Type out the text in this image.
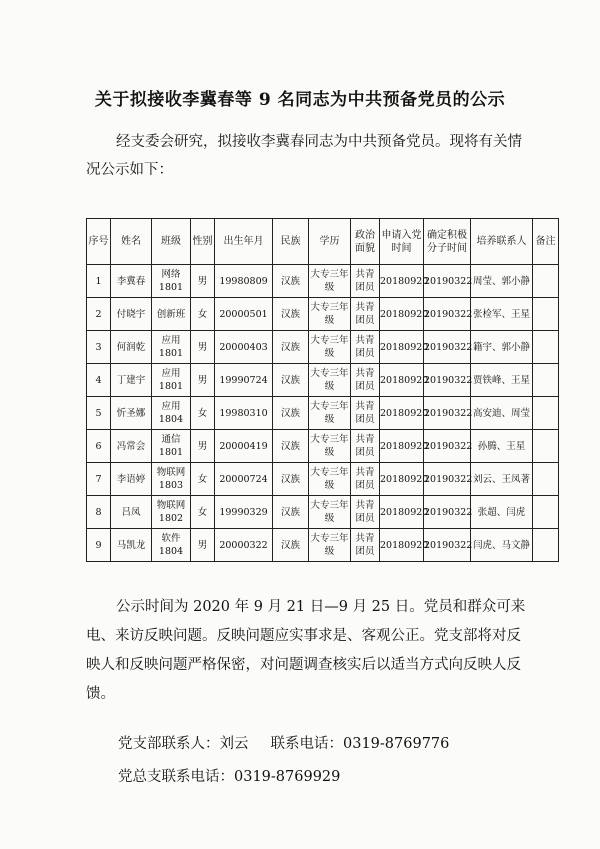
关于拟接收李冀春等 9 名同志为中共预备党员的公示
经支委会研究，拟接收李冀春同志为中共预备党员。现将有关情况公示如下：
序号	姓名	班级	性别	出生年月	民族	学历	政治面貌	申请入党时间	确定积极分子时间	培养联系人	备注
1	李冀春	网络1801	男	19980809	汉族	大专三年级	共青团员	20180920	20190322	周莹、郭小静	
2	付晓宇	创新班	女	20000501	汉族	大专三年级	共青团员	20180920	20190322	张检军、王星	
3	何润乾	应用1801	男	20000403	汉族	大专三年级	共青团员	20180920	20190322	籍宇、郭小静	
4	丁建宇	应用1801	男	19990724	汉族	大专三年级	共青团员	20180920	20190322	贾铁峰、王星	
5	忻圣娜	应用1804	女	19980310	汉族	大专三年级	共青团员	20180920	20190322	高安迪、周莹	
6	冯常会	通信1801	男	20000419	汉族	大专三年级	共青团员	20180920	20190322	孙腾、王星	
7	李语婷	物联网1803	女	20000724	汉族	大专三年级	共青团员	20180920	20190322	刘云、王凤著	
8	吕凤	物联网1802	女	19990329	汉族	大专三年级	共青团员	20180920	20190322	张超、闫虎	
9	马凯龙	软件1804	男	20000322	汉族	大专三年级	共青团员	20180920	20190322	闫虎、马文静	
公示时间为 2020 年 9 月 21 日—9 月 25 日。党员和群众可来电、来访反映问题。反映问题应实事求是、客观公正。党支部将对反映人和反映问题严格保密，对问题调查核实后以适当方式向反映人反馈。
党支部联系人：刘云 联系电话：0319-8769776
党总支联系电话：0319-8769929
